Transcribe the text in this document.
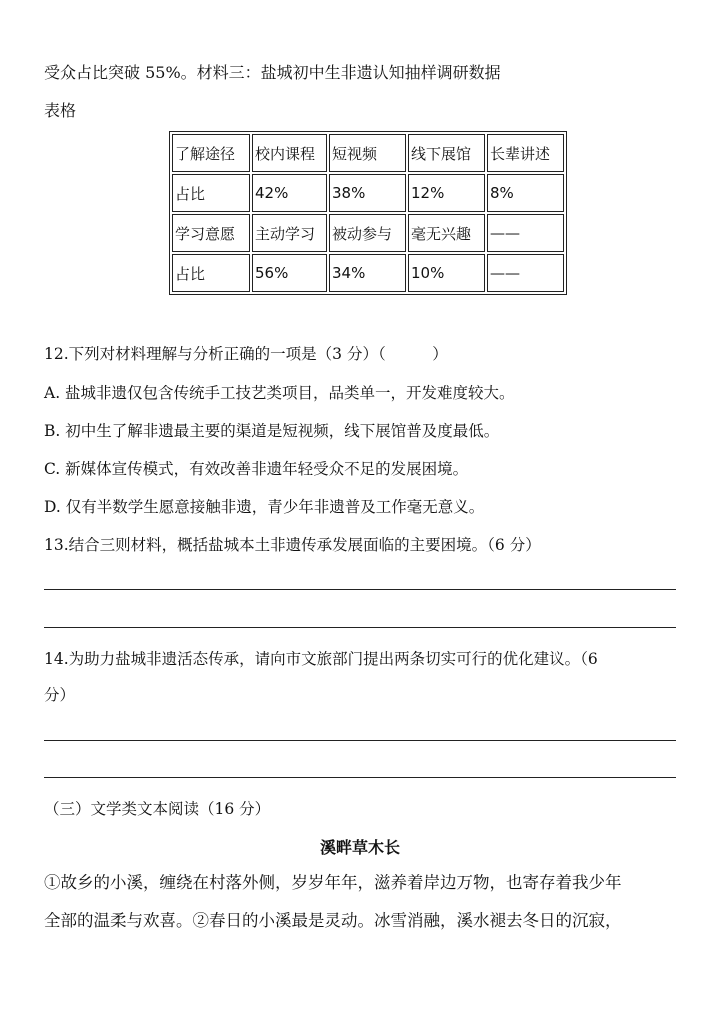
受众占比突破 55%。材料三：盐城初中生非遗认知抽样调研数据
表格
了解途径	校内课程	短视频	线下展馆	长辈讲述
占比	42%	38%	12%	8%
学习意愿	主动学习	被动参与	毫无兴趣	——
占比	56%	34%	10%	——
12.下列对材料理解与分析正确的一项是（3 分）（　　　）
A. 盐城非遗仅包含传统手工技艺类项目，品类单一，开发难度较大。
B. 初中生了解非遗最主要的渠道是短视频，线下展馆普及度最低。
C. 新媒体宣传模式，有效改善非遗年轻受众不足的发展困境。
D. 仅有半数学生愿意接触非遗，青少年非遗普及工作毫无意义。
13.结合三则材料，概括盐城本土非遗传承发展面临的主要困境。（6 分）
14.为助力盐城非遗活态传承，请向市文旅部门提出两条切实可行的优化建议。（6
分）
（三）文学类文本阅读（16 分）
溪畔草木长
①故乡的小溪，缠绕在村落外侧，岁岁年年，滋养着岸边万物，也寄存着我少年
全部的温柔与欢喜。②春日的小溪最是灵动。冰雪消融，溪水褪去冬日的沉寂，
